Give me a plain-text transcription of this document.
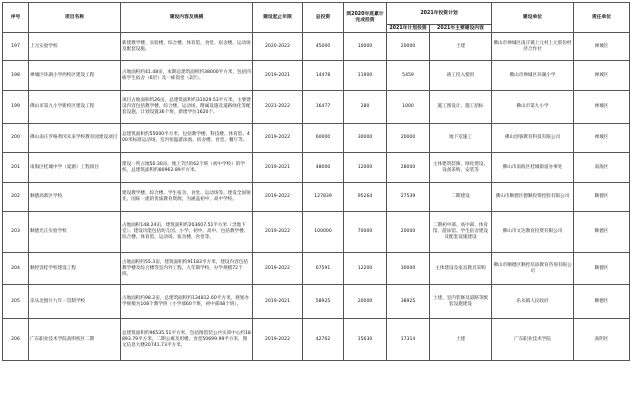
序号	项目名称	建设内容及规模	建设起止年限	总投资	到2020年底累计完成投资	2021年投资计划		建设单位	责任单位
						2021年计划投资	2021年主要建设内容		
197	上元实验学校	新建教学楼、实验楼、综合楼、体育馆、食堂、宿舍楼、运动场及配套设施。	2020-2022	45000	10000	20000	土建	佛山市禅城区南庄镇上元村上元股份经济合作社	禅城区
198	禅城区环湖小学西校区建设工程	占地面积约41.48亩，本期总建筑面积约38000平方米，包括四栋学生宿舍（6层）及一栋饭堂（2层）。	2019-2021	14478	11900	5459	竣工投入使用	佛山市禅城区环湖小学	禅城区
199	佛山市第九小学新校区建设工程	项目占地面积约26亩，总建筑面积约31029.53平方米。主要建设内容包括教学楼、综合楼、运动场、附属设施及道路绿化等配套设施，计划设置36个班，新增学位1620个。	2021-2022	16477	280	1000	施工图设计、施工招标	佛山市第九小学	禅城区
200	佛山南庄罗格黄冈未来学校教育园建设项目	总建筑面积约55000平方米，包括教学楼、科技楼、体育馆、400米标准运动场、室内恒温游泳池、宿舍楼、食堂、餐厅等。	2019-2022	60000	30000	20000	地下室施工	佛山创睿教育科技有限公司	禅城区
201	南海区桂城中学（夏源）工程项目	建设一所占地50.30亩，地上7层的62个班（初中学校）的学校，总建筑面积约80962.89平方米。	2019-2021	48000	12000	28000	主体建筑装修，绿化建设，设备采购，安装等	佛山市南海区桂城街道办事处	南海区
202	顺德高新区学校	建设教学楼、综合楼、学生宿舍、食堂、运动场等。建设全国领先、国际一流的优质教育资源，为涵盖初中、高中学校。	2019-2022	127839	95264	27539	二期建设	佛山市顺德区德顺投资控股有限公司	顺德区
203	顺德光正实验学校	占地面积148.24亩，建筑面积约203607.51平方米（含地下室）。建设功能包括幼儿园、小学、初中、高中、包括教学楼、综合楼、体育馆、运动场、宿舍楼、食堂等。	2019-2022	100000	70000	20000	二期初中部、高中部、体育馆、游泳馆、学生宿舍建设及配套设施建设	佛山市文达教育投资有限公司	顺德区
204	顺控容桂学校建设工程	占地面积约55.3亩，建筑面积约91183平方米，建设内容包括教学楼及综合楼等室内外工程，九年制学校，办学规模72个班。	2019-2022	67591	12200	30000	主体建设及家具教具采购	佛山市顺德区顺控培添教育咨询有限公司	顺德区
205	乐从北围片九年一贯制学校	占地面积约98.2亩，总建筑面积约134812.60平方米，规划办学规模为108个教学班（小学部60个班，初中部48个班）。	2019-2021	58925	20000	38925	土建、室内装修及道路等配套设施建设	乐从镇人民政府	顺德区
206	广东职业技术学院高明校区二期	总建筑面积约96535.51平方米，包括图馆装公共实训中心约18893.79平方米，二期公寓及用楼、食堂50699.99平方米，图文信息大楼20741.73平方米。	2019-2022	42762	15630	17314	土建	广东职业技术学院	高明区
